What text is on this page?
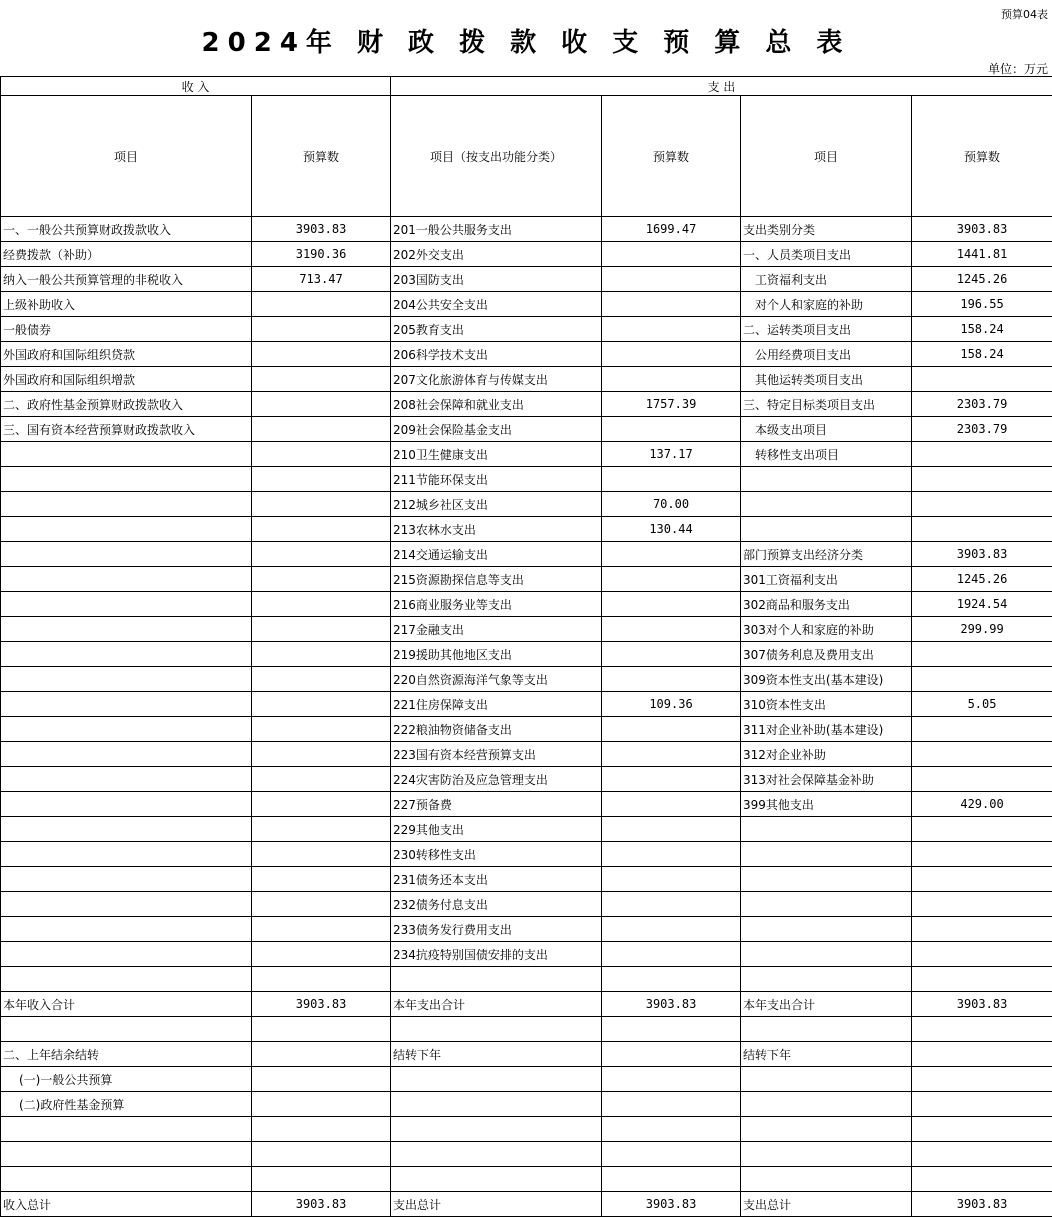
预算04表
2024年 财 政 拨 款 收 支 预 算 总 表
单位：万元
收 入		支 出			
项目	预算数	项目（按支出功能分类）	预算数	项目	预算数
一、一般公共预算财政拨款收入	3903.83	201一般公共服务支出	1699.47	支出类别分类	3903.83
经费拨款（补助）	3190.36	202外交支出		一、人员类项目支出	1441.81
纳入一般公共预算管理的非税收入	713.47	203国防支出		工资福利支出	1245.26
上级补助收入		204公共安全支出		对个人和家庭的补助	196.55
一般债券		205教育支出		二、运转类项目支出	158.24
外国政府和国际组织贷款		206科学技术支出		公用经费项目支出	158.24
外国政府和国际组织增款		207文化旅游体育与传媒支出		其他运转类项目支出	
二、政府性基金预算财政拨款收入		208社会保障和就业支出	1757.39	三、特定目标类项目支出	2303.79
三、国有资本经营预算财政拨款收入		209社会保险基金支出		本级支出项目	2303.79
		210卫生健康支出	137.17	转移性支出项目	
		211节能环保支出			
		212城乡社区支出	70.00		
		213农林水支出	130.44		
		214交通运输支出		部门预算支出经济分类	3903.83
		215资源勘探信息等支出		301工资福利支出	1245.26
		216商业服务业等支出		302商品和服务支出	1924.54
		217金融支出		303对个人和家庭的补助	299.99
		219援助其他地区支出		307债务利息及费用支出	
		220自然资源海洋气象等支出		309资本性支出(基本建设)	
		221住房保障支出	109.36	310资本性支出	5.05
		222粮油物资储备支出		311对企业补助(基本建设)	
		223国有资本经营预算支出		312对企业补助	
		224灾害防治及应急管理支出		313对社会保障基金补助	
		227预备费		399其他支出	429.00
		229其他支出			
		230转移性支出			
		231债务还本支出			
		232债务付息支出			
		233债务发行费用支出			
		234抗疫特别国债安排的支出			

本年收入合计	3903.83	本年支出合计	3903.83	本年支出合计	3903.83

二、上年结余结转		结转下年		结转下年	
(一)一般公共预算					
(二)政府性基金预算					

收入总计	3903.83	支出总计	3903.83	支出总计	3903.83
